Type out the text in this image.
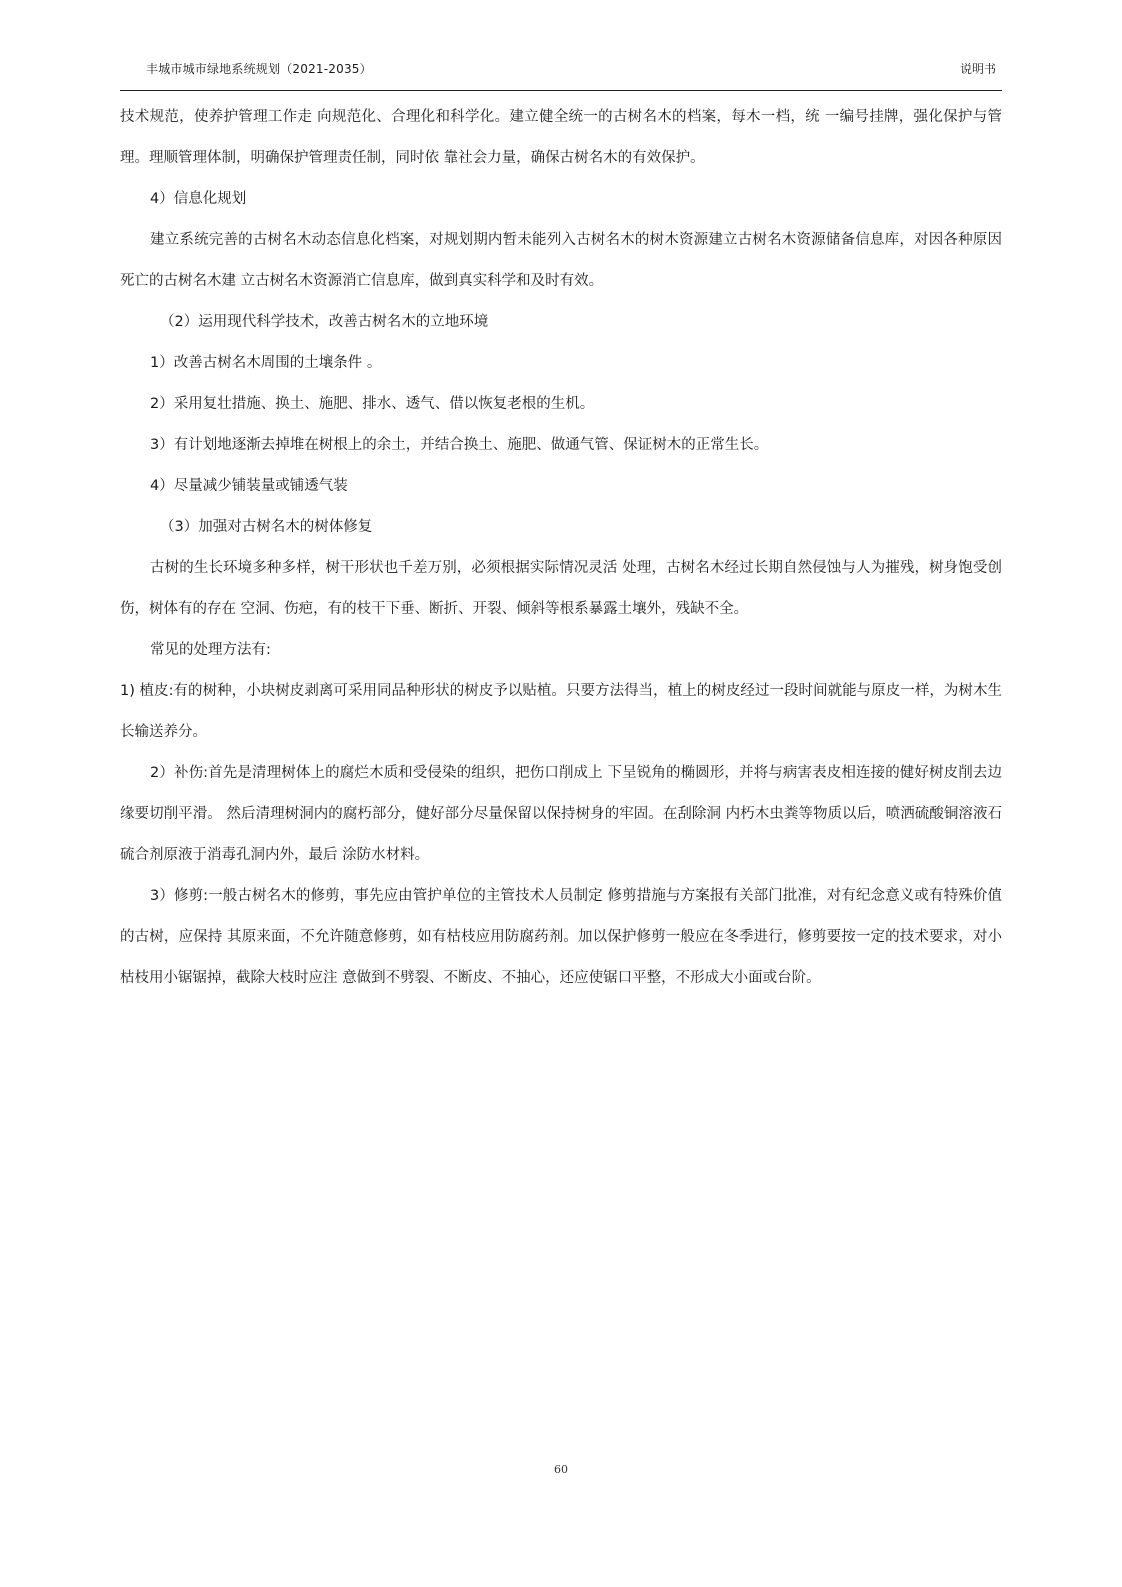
丰城市城市绿地系统规划（2021-2035）	说明书

技术规范，使养护管理工作走 向规范化、合理化和科学化。建立健全统一的古树名木的档案，每木一档，统 一编号挂牌，强化保护与管理。理顺管理体制，明确保护管理责任制，同时依 靠社会力量，确保古树名木的有效保护。

4）信息化规划

建立系统完善的古树名木动态信息化档案，对规划期内暂未能列入古树名木的树木资源建立古树名木资源储备信息库，对因各种原因死亡的古树名木建 立古树名木资源消亡信息库，做到真实科学和及时有效。

（2）运用现代科学技术，改善古树名木的立地环境

1）改善古树名木周围的土壤条件 。

2）采用复壮措施、换土、施肥、排水、透气、借以恢复老根的生机。

3）有计划地逐渐去掉堆在树根上的余土，并结合换土、施肥、做通气管、保证树木的正常生长。

4）尽量减少铺装量或铺透气装

（3）加强对古树名木的树体修复

古树的生长环境多种多样，树干形状也千差万别，必须根据实际情况灵活 处理，古树名木经过长期自然侵蚀与人为摧残，树身饱受创伤，树体有的存在 空洞、伤疤，有的枝干下垂、断折、开裂、倾斜等根系暴露土壤外，残缺不全。

常见的处理方法有:

1) 植皮:有的树种，小块树皮剥离可采用同品种形状的树皮予以贴植。只要方法得当，植上的树皮经过一段时间就能与原皮一样，为树木生长输送养分。

2）补伤:首先是清理树体上的腐烂木质和受侵染的组织，把伤口削成上 下呈锐角的椭圆形，并将与病害表皮相连接的健好树皮削去边缘要切削平滑。 然后清理树洞内的腐朽部分，健好部分尽量保留以保持树身的牢固。在刮除洞 内朽木虫粪等物质以后，喷洒硫酸铜溶液石硫合剂原液于消毒孔洞内外，最后 涂防水材料。

3）修剪:一般古树名木的修剪，事先应由管护单位的主管技术人员制定 修剪措施与方案报有关部门批准，对有纪念意义或有特殊价值的古树，应保持 其原来面，不允许随意修剪，如有枯枝应用防腐药剂。加以保护修剪一般应在冬季进行，修剪要按一定的技术要求，对小枯枝用小锯锯掉，截除大枝时应注 意做到不劈裂、不断皮、不抽心，还应使锯口平整，不形成大小面或台阶。

60
